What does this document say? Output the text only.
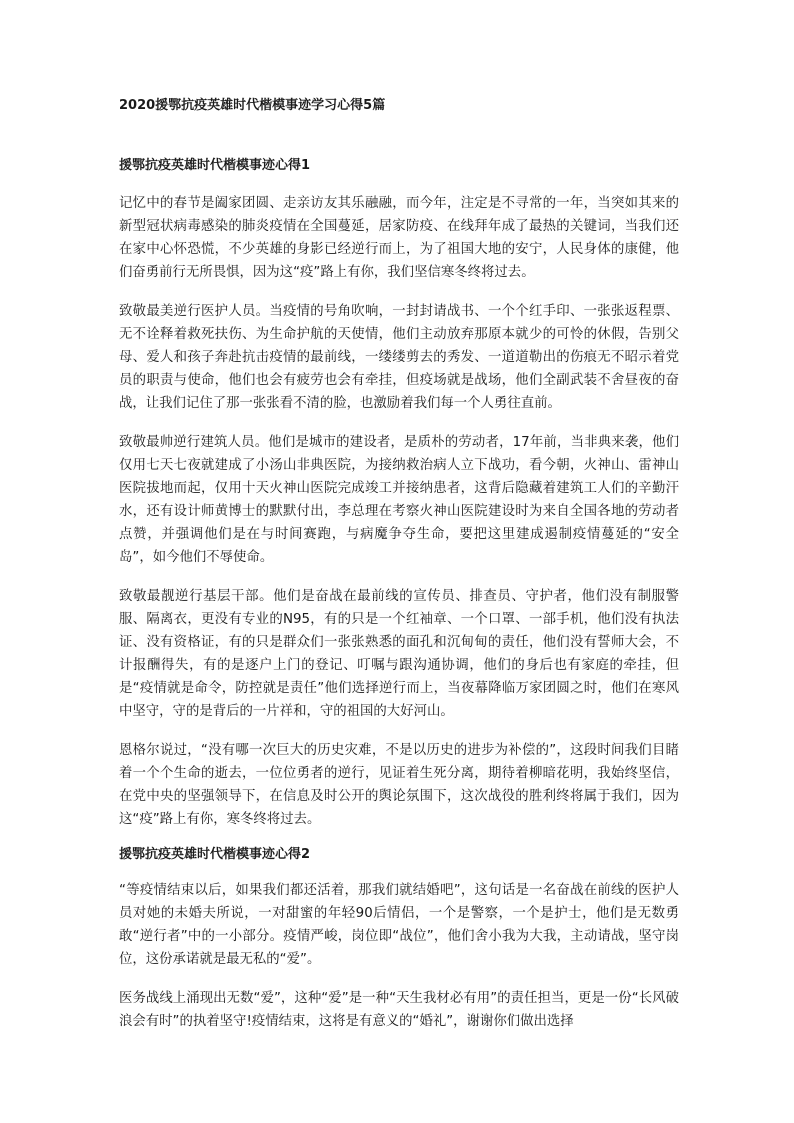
2020援鄂抗疫英雄时代楷模事迹学习心得5篇

援鄂抗疫英雄时代楷模事迹心得1

记忆中的春节是阖家团圆、走亲访友其乐融融，而今年，注定是不寻常的一年，当突如其来的新型冠状病毒感染的肺炎疫情在全国蔓延，居家防疫、在线拜年成了最热的关键词，当我们还在家中心怀恐慌，不少英雄的身影已经逆行而上，为了祖国大地的安宁，人民身体的康健，他们奋勇前行无所畏惧，因为这“疫”路上有你，我们坚信寒冬终将过去。

致敬最美逆行医护人员。当疫情的号角吹响，一封封请战书、一个个红手印、一张张返程票、无不诠释着救死扶伤、为生命护航的天使情，他们主动放弃那原本就少的可怜的休假，告别父母、爱人和孩子奔赴抗击疫情的最前线，一缕缕剪去的秀发、一道道勒出的伤痕无不昭示着党员的职责与使命，他们也会有疲劳也会有牵挂，但疫场就是战场，他们全副武装不舍昼夜的奋战，让我们记住了那一张张看不清的脸，也激励着我们每一个人勇往直前。

致敬最帅逆行建筑人员。他们是城市的建设者，是质朴的劳动者，17年前，当非典来袭，他们仅用七天七夜就建成了小汤山非典医院，为接纳救治病人立下战功，看今朝，火神山、雷神山医院拔地而起，仅用十天火神山医院完成竣工并接纳患者，这背后隐藏着建筑工人们的辛勤汗水，还有设计师黄博士的默默付出，李总理在考察火神山医院建设时为来自全国各地的劳动者点赞，并强调他们是在与时间赛跑，与病魔争夺生命，要把这里建成遏制疫情蔓延的“安全岛”，如今他们不辱使命。

致敬最靓逆行基层干部。他们是奋战在最前线的宣传员、排查员、守护者，他们没有制服警服、隔离衣，更没有专业的N95，有的只是一个红袖章、一个口罩、一部手机，他们没有执法证、没有资格证，有的只是群众们一张张熟悉的面孔和沉甸甸的责任，他们没有誓师大会，不计报酬得失，有的是逐户上门的登记、叮嘱与跟沟通协调，他们的身后也有家庭的牵挂，但是“疫情就是命令，防控就是责任”他们选择逆行而上，当夜幕降临万家团圆之时，他们在寒风中坚守，守的是背后的一片祥和，守的祖国的大好河山。

恩格尔说过，“没有哪一次巨大的历史灾难，不是以历史的进步为补偿的”，这段时间我们目睹着一个个生命的逝去，一位位勇者的逆行，见证着生死分离，期待着柳暗花明，我始终坚信，在党中央的坚强领导下，在信息及时公开的舆论氛围下，这次战役的胜利终将属于我们，因为这“疫”路上有你，寒冬终将过去。

援鄂抗疫英雄时代楷模事迹心得2

“等疫情结束以后，如果我们都还活着，那我们就结婚吧”，这句话是一名奋战在前线的医护人员对她的未婚夫所说，一对甜蜜的年轻90后情侣，一个是警察，一个是护士，他们是无数勇敢“逆行者”中的一小部分。疫情严峻，岗位即“战位”，他们舍小我为大我，主动请战，坚守岗位，这份承诺就是最无私的“爱”。

医务战线上涌现出无数“爱”，这种“爱”是一种“天生我材必有用”的责任担当，更是一份“长风破浪会有时”的执着坚守!疫情结束，这将是有意义的“婚礼”，谢谢你们做出选择
